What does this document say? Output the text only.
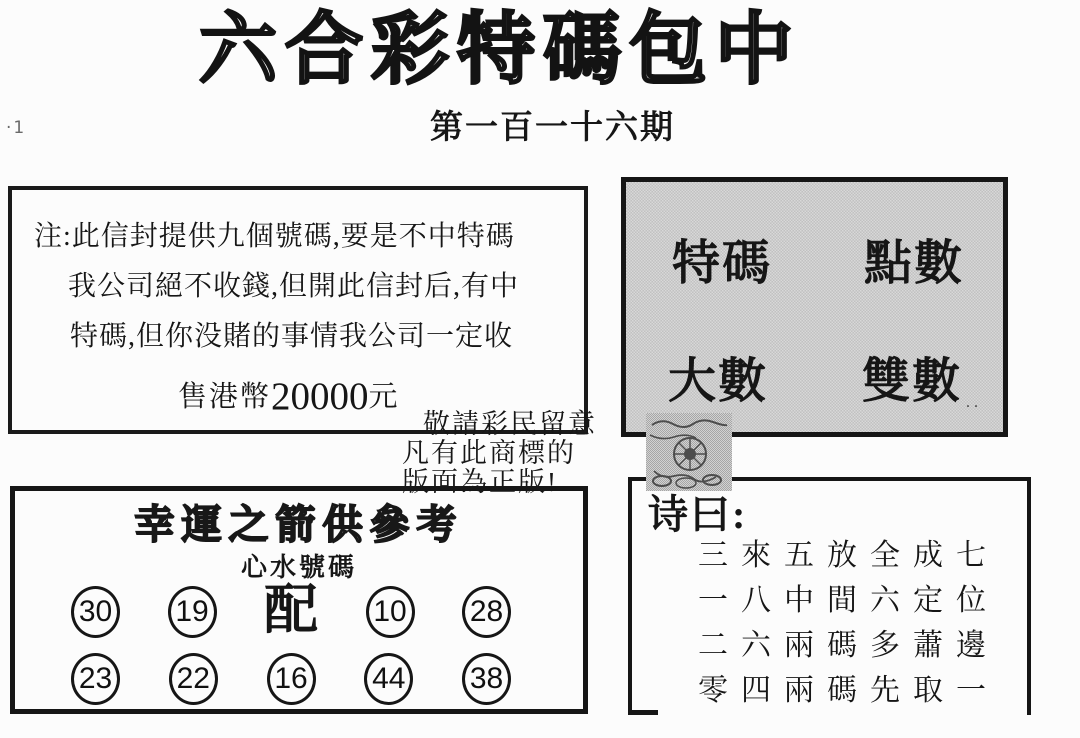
·1
六合彩特碼包中
第一百一十六期
注:此信封提供九個號碼,要是不中特碼
我公司絕不收錢,但開此信封后,有中
特碼,但你没賭的事情我公司一定收
售港幣20000元
特碼 點數
大數 雙數 ..
敬請彩民留意
凡有此商標的
版面為正版!
幸運之箭供參考
心水號碼
30 19 配 10 28
23 22 16 44 38
诗曰:
三來五放全成七
一八中間六定位
二六兩碼多蕭邊
零四兩碼先取一
